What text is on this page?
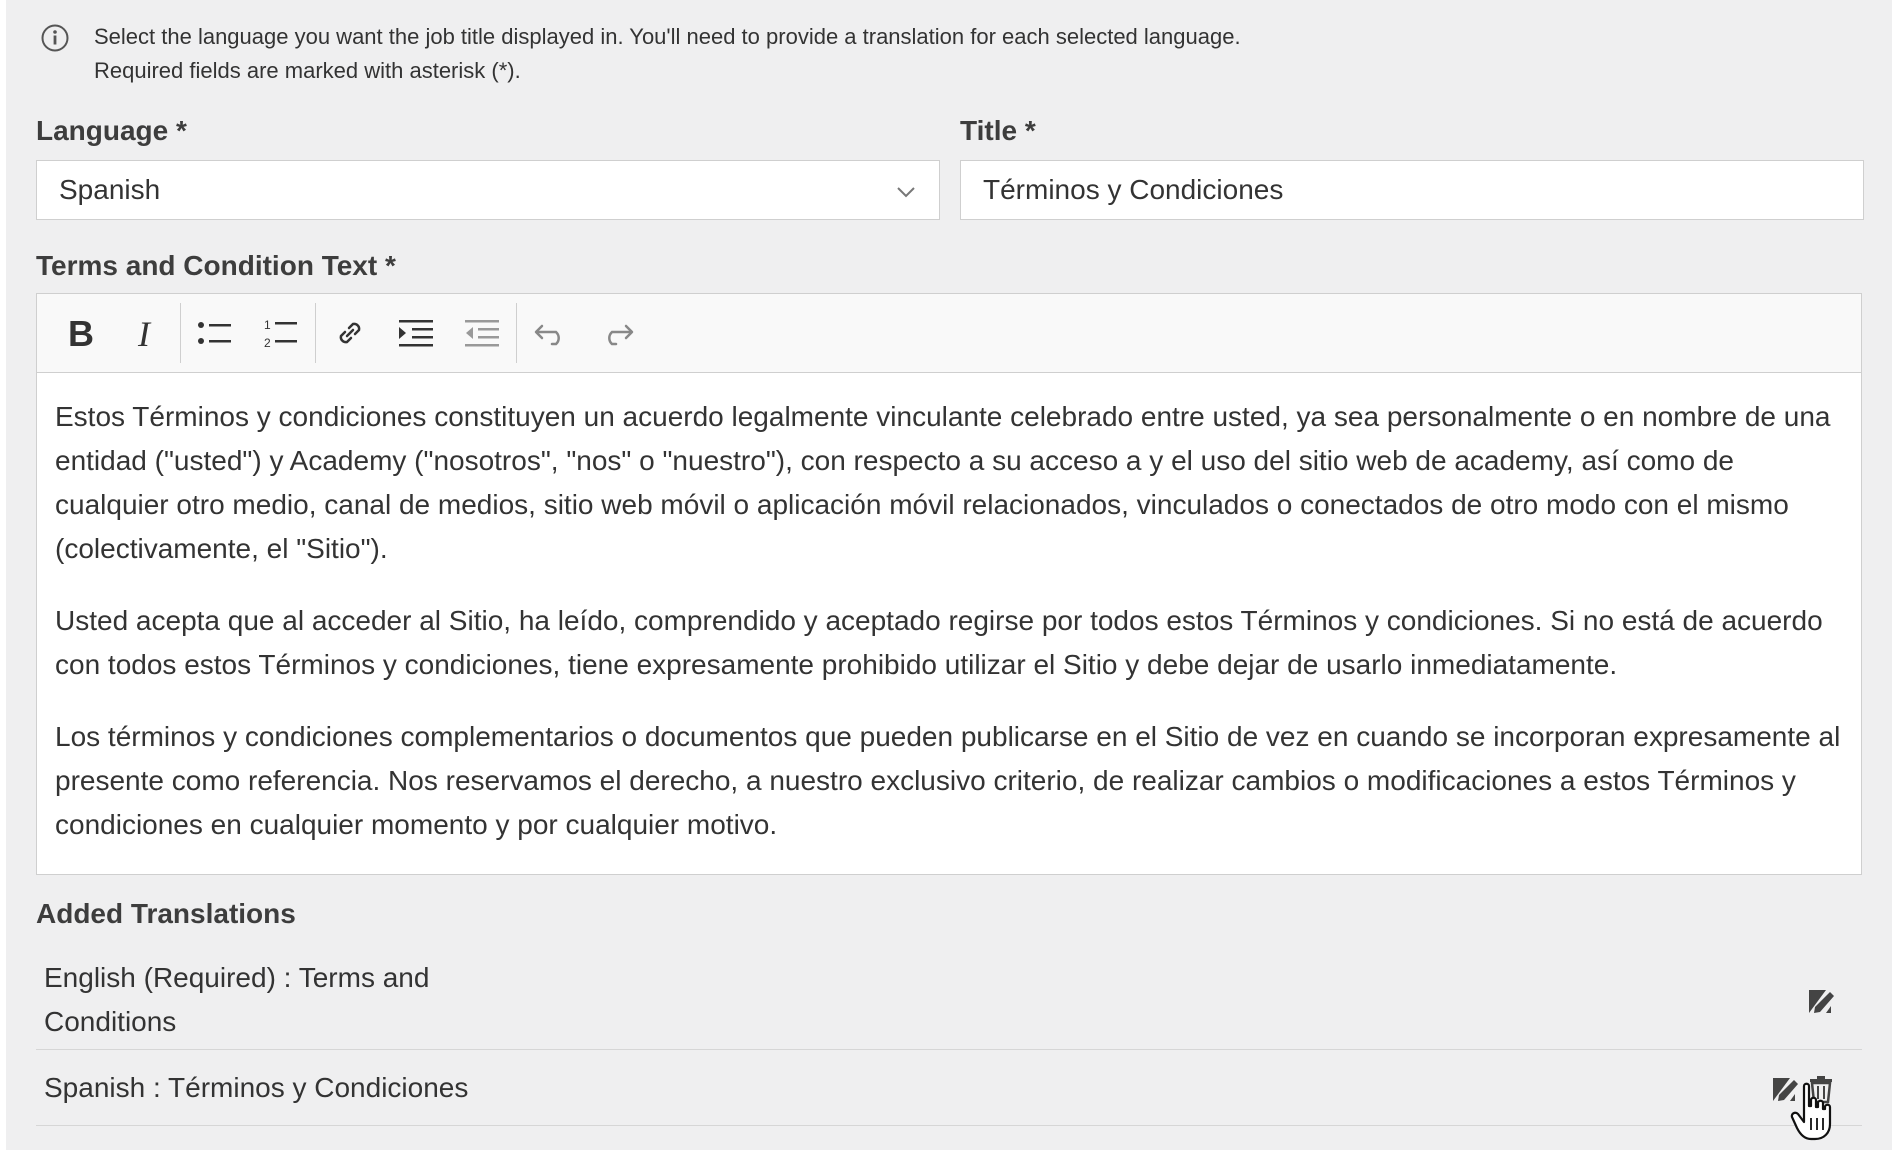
Select the language you want the job title displayed in. You'll need to provide a translation for each selected language.
Required fields are marked with asterisk (*).
Language *
Spanish
Title *
Términos y Condiciones
Terms and Condition Text *
B I	1
2

Estos Términos y condiciones constituyen un acuerdo legalmente vinculante celebrado entre usted, ya sea personalmente o en nombre de una entidad ("usted") y Academy ("nosotros", "nos" o "nuestro"), con respecto a su acceso a y el uso del sitio web de academy, así como de cualquier otro medio, canal de medios, sitio web móvil o aplicación móvil relacionados, vinculados o conectados de otro modo con el mismo (colectivamente, el "Sitio").

Usted acepta que al acceder al Sitio, ha leído, comprendido y aceptado regirse por todos estos Términos y condiciones. Si no está de acuerdo con todos estos Términos y condiciones, tiene expresamente prohibido utilizar el Sitio y debe dejar de usarlo inmediatamente.

Los términos y condiciones complementarios o documentos que pueden publicarse en el Sitio de vez en cuando se incorporan expresamente al presente como referencia. Nos reservamos el derecho, a nuestro exclusivo criterio, de realizar cambios o modificaciones a estos Términos y condiciones en cualquier momento y por cualquier motivo.

Added Translations
English (Required) : Terms and
Conditions
Spanish : Términos y Condiciones
